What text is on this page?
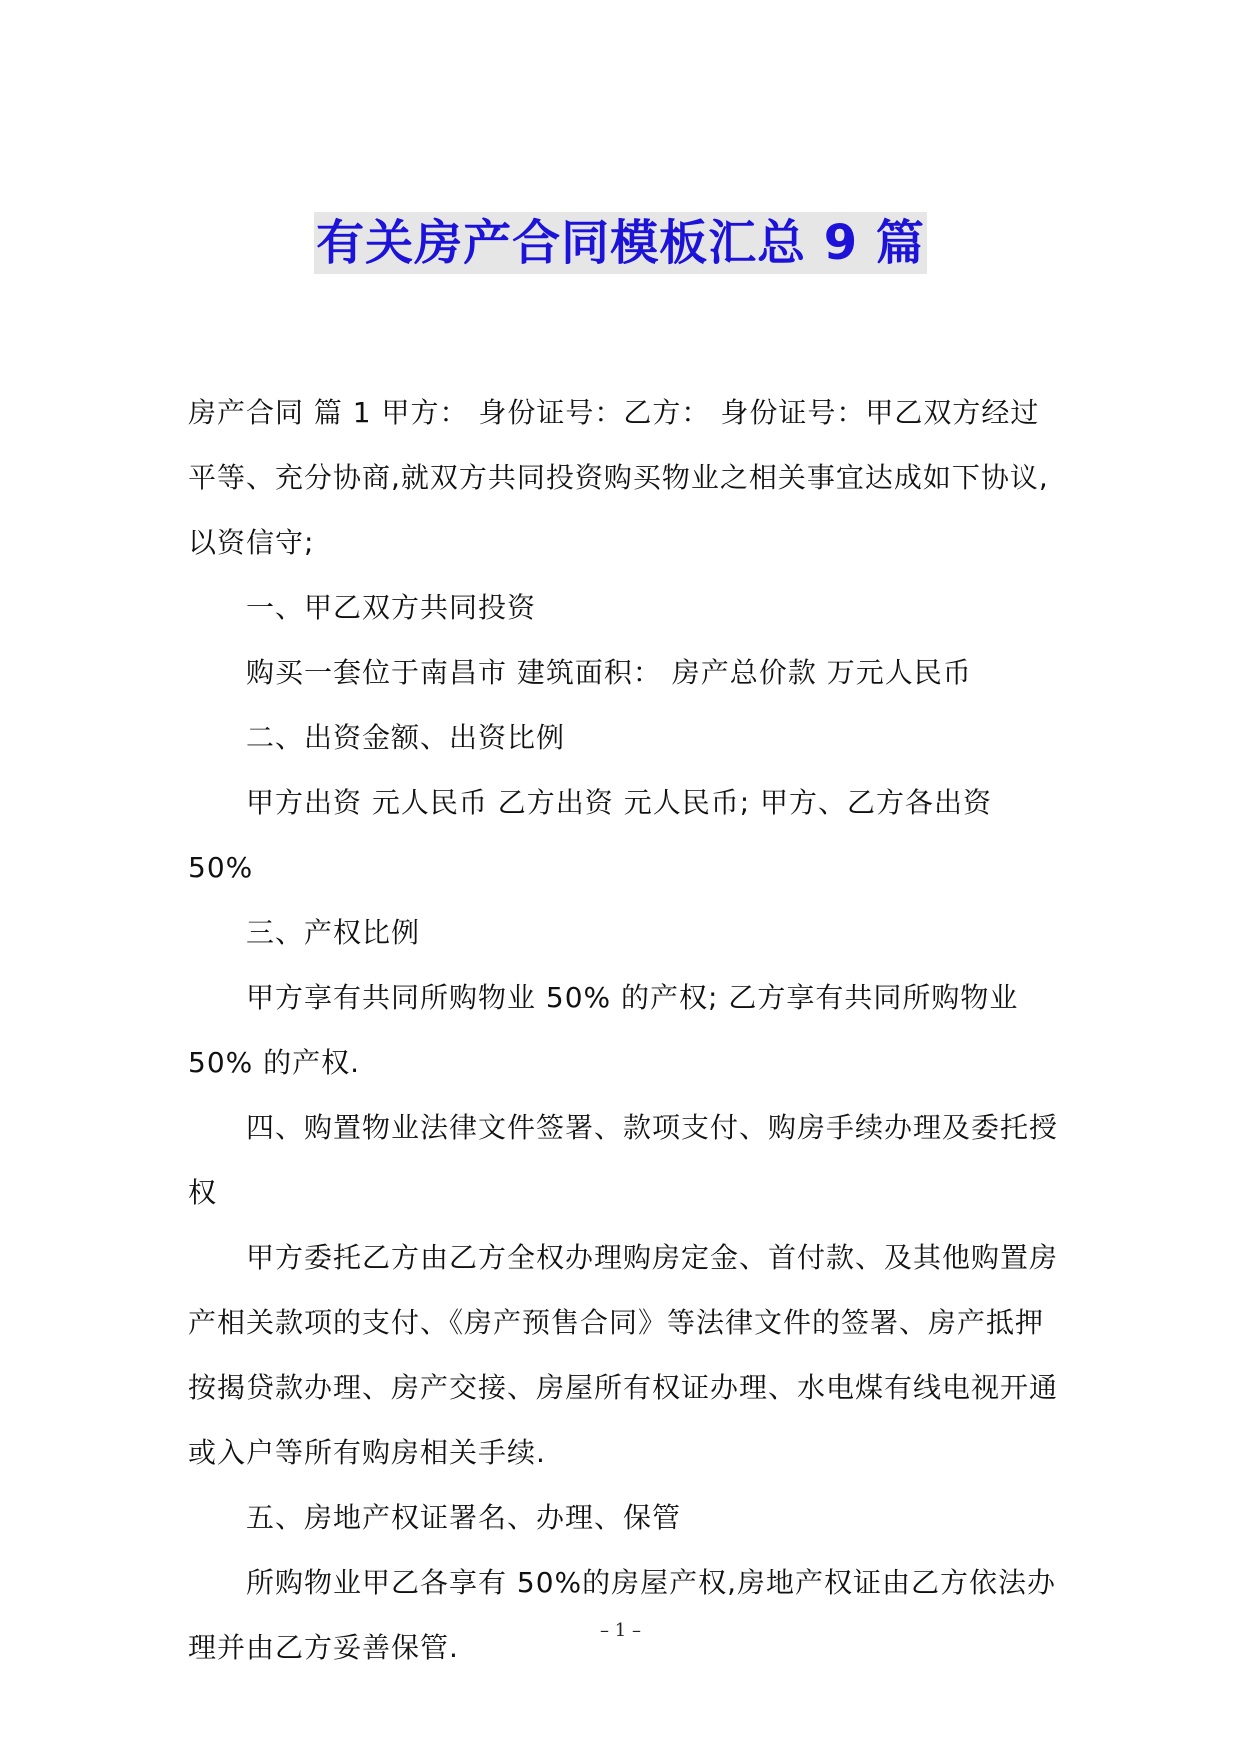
有关房产合同模板汇总 9 篇

房产合同 篇 1 甲方： 身份证号：乙方： 身份证号：甲乙双方经过平等、充分协商,就双方共同投资购买物业之相关事宜达成如下协议,以资信守;

一、甲乙双方共同投资

购买一套位于南昌市 建筑面积： 房产总价款 万元人民币

二、出资金额、出资比例

甲方出资 元人民币 乙方出资 元人民币; 甲方、乙方各出资 50%

三、产权比例

甲方享有共同所购物业 50% 的产权; 乙方享有共同所购物业 50% 的产权.

四、购置物业法律文件签署、款项支付、购房手续办理及委托授权

甲方委托乙方由乙方全权办理购房定金、首付款、及其他购置房产相关款项的支付、《房产预售合同》等法律文件的签署、房产抵押按揭贷款办理、房产交接、房屋所有权证办理、水电煤有线电视开通或入户等所有购房相关手续.

五、房地产权证署名、办理、保管

所购物业甲乙各享有 50%的房屋产权,房地产权证由乙方依法办理并由乙方妥善保管.

– 1 –
